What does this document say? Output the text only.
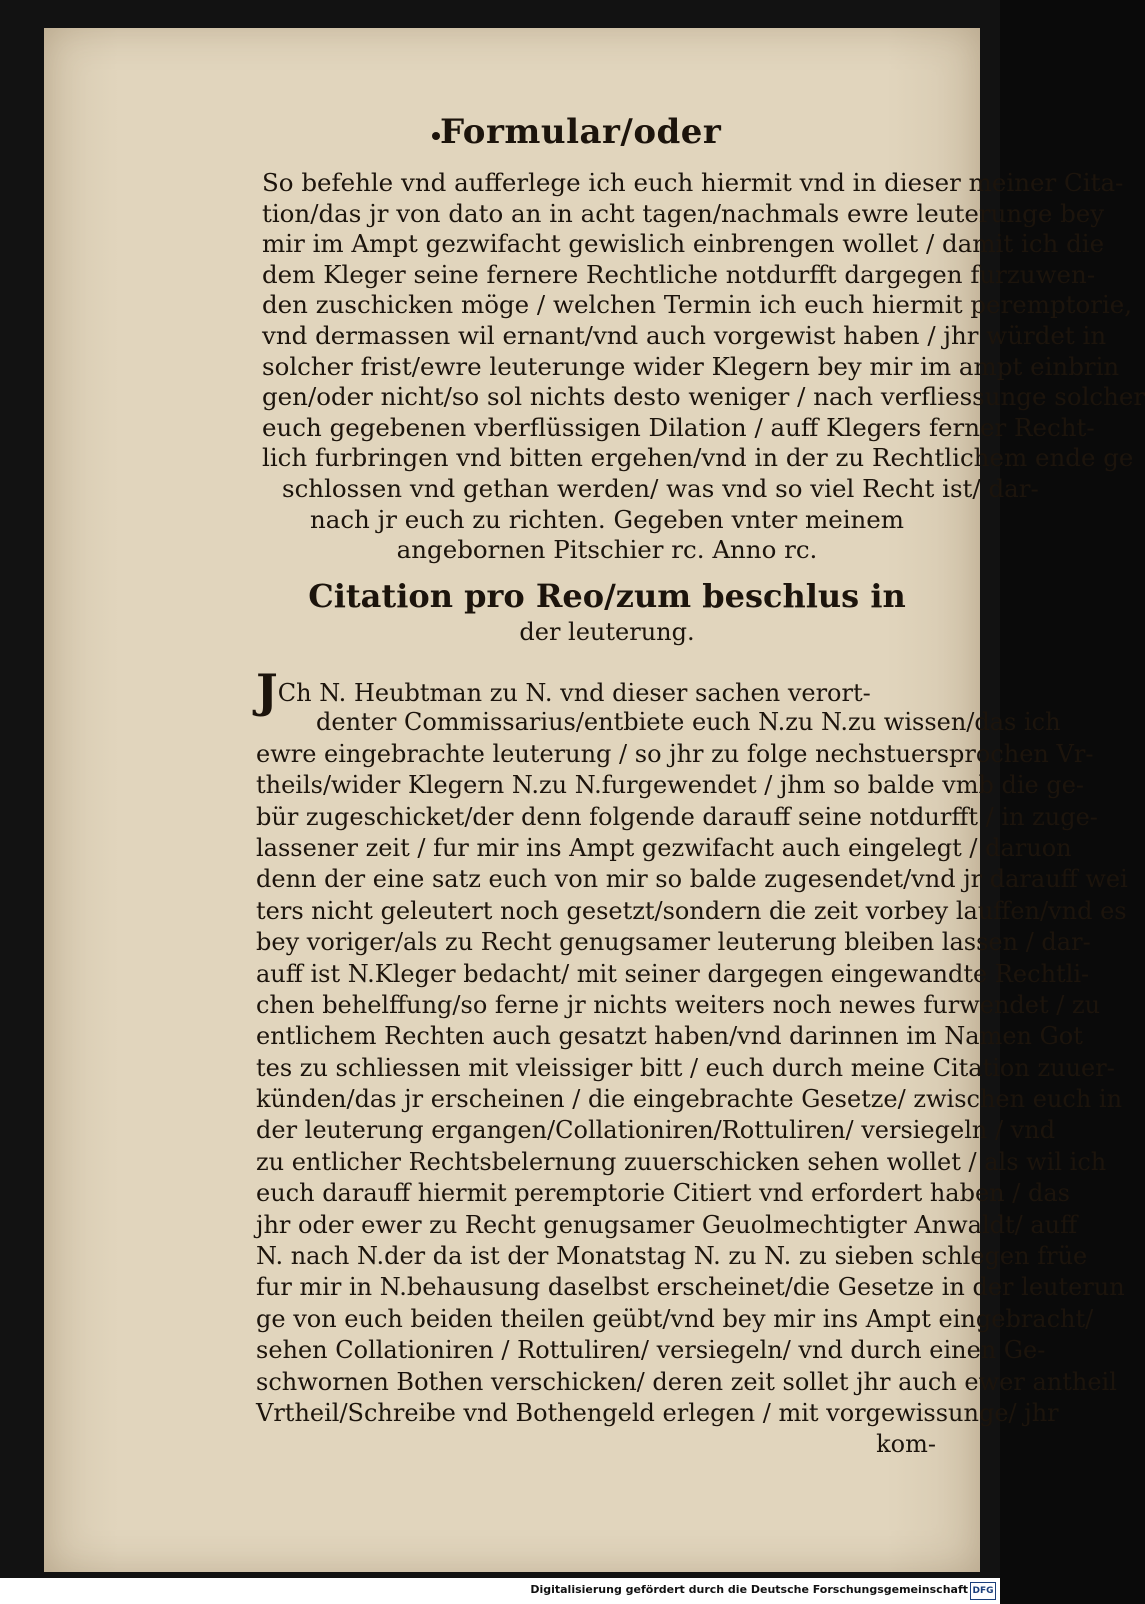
Formular/oder
So befehle vnd aufferlege ich euch hiermit vnd in dieser meiner Cita-
tion/das jr von dato an in acht tagen/nachmals ewre leuterunge bey
mir im Ampt gezwifacht gewislich einbrengen wollet / damit ich die
dem Kleger seine fernere Rechtliche notdurfft dargegen furzuwen-
den zuschicken möge / welchen Termin ich euch hiermit peremptorie,
vnd dermassen wil ernant/vnd auch vorgewist haben / jhr würdet in
solcher frist/ewre leuterunge wider Klegern bey mir im ampt einbrin
gen/oder nicht/so sol nichts desto weniger / nach verfliessunge solcher
euch gegebenen vberflüssigen Dilation / auff Klegers ferner Recht-
lich furbringen vnd bitten ergehen/vnd in der zu Rechtlichem ende ge
schlossen vnd gethan werden/ was vnd so viel Recht ist/ dar-
nach jr euch zu richten. Gegeben vnter meinem
angebornen Pitschier rc. Anno rc.
Citation pro Reo/zum beschlus in
der leuterung.
JCh N. Heubtman zu N. vnd dieser sachen verort-
denter Commissarius/entbiete euch N.zu N.zu wissen/das ich
ewre eingebrachte leuterung / so jhr zu folge nechstuersprochen Vr-
theils/wider Klegern N.zu N.furgewendet / jhm so balde vmb die ge-
bür zugeschicket/der denn folgende darauff seine notdurfft / in zuge-
lassener zeit / fur mir ins Ampt gezwifacht auch eingelegt / daruon
denn der eine satz euch von mir so balde zugesendet/vnd jr darauff wei
ters nicht geleutert noch gesetzt/sondern die zeit vorbey lauffen/vnd es
bey voriger/als zu Recht genugsamer leuterung bleiben lassen / dar-
auff ist N.Kleger bedacht/ mit seiner dargegen eingewandte Rechtli-
chen behelffung/so ferne jr nichts weiters noch newes furwendet / zu
entlichem Rechten auch gesatzt haben/vnd darinnen im Namen Got
tes zu schliessen mit vleissiger bitt / euch durch meine Citation zuuer-
künden/das jr erscheinen / die eingebrachte Gesetze/ zwischen euch in
der leuterung ergangen/Collationiren/Rottuliren/ versiegeln / vnd
zu entlicher Rechtsbelernung zuuerschicken sehen wollet / als wil ich
euch darauff hiermit peremptorie Citiert vnd erfordert haben / das
jhr oder ewer zu Recht genugsamer Geuolmechtigter Anwaldt/ auff
N. nach N.der da ist der Monatstag N. zu N. zu sieben schlegen früe
fur mir in N.behausung daselbst erscheinet/die Gesetze in der leuterun
ge von euch beiden theilen geübt/vnd bey mir ins Ampt eingebracht/
sehen Collationiren / Rottuliren/ versiegeln/ vnd durch einen Ge-
schwornen Bothen verschicken/ deren zeit sollet jhr auch ewer antheil
Vrtheil/Schreibe vnd Bothengeld erlegen / mit vorgewissunge/ jhr
kom-
Digitalisierung gefördert durch die Deutsche Forschungsgemeinschaft DFG
